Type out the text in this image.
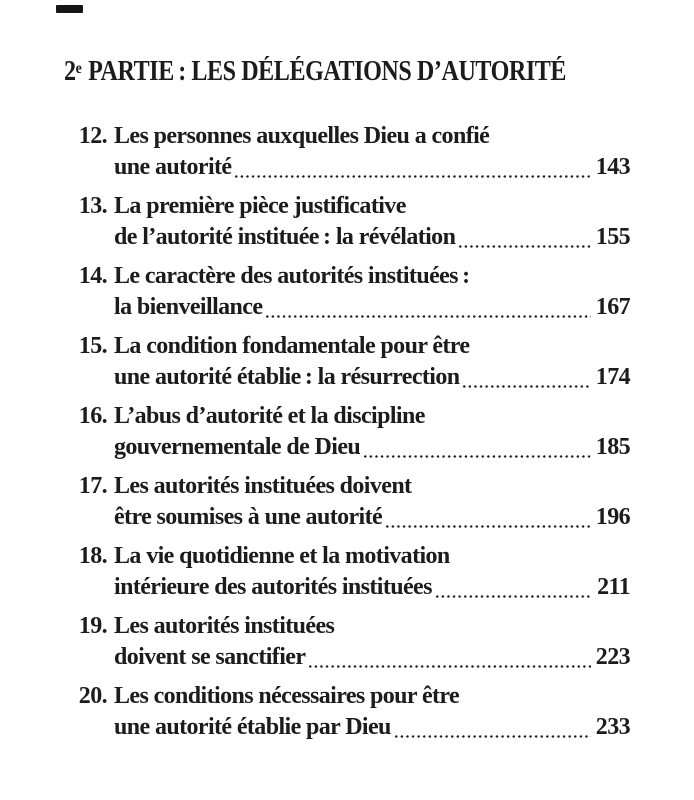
2e PARTIE : LES DÉLÉGATIONS D’AUTORITÉ
12. Les personnes auxquelles Dieu a confié
une autorité	143
13. La première pièce justificative
de l’autorité instituée : la révélation	155
14. Le caractère des autorités instituées :
la bienveillance	167
15. La condition fondamentale pour être
une autorité établie : la résurrection	174
16. L’abus d’autorité et la discipline
gouvernementale de Dieu	185
17. Les autorités instituées doivent
être soumises à une autorité	196
18. La vie quotidienne et la motivation
intérieure des autorités instituées	211
19. Les autorités instituées
doivent se sanctifier	223
20. Les conditions nécessaires pour être
une autorité établie par Dieu	233
